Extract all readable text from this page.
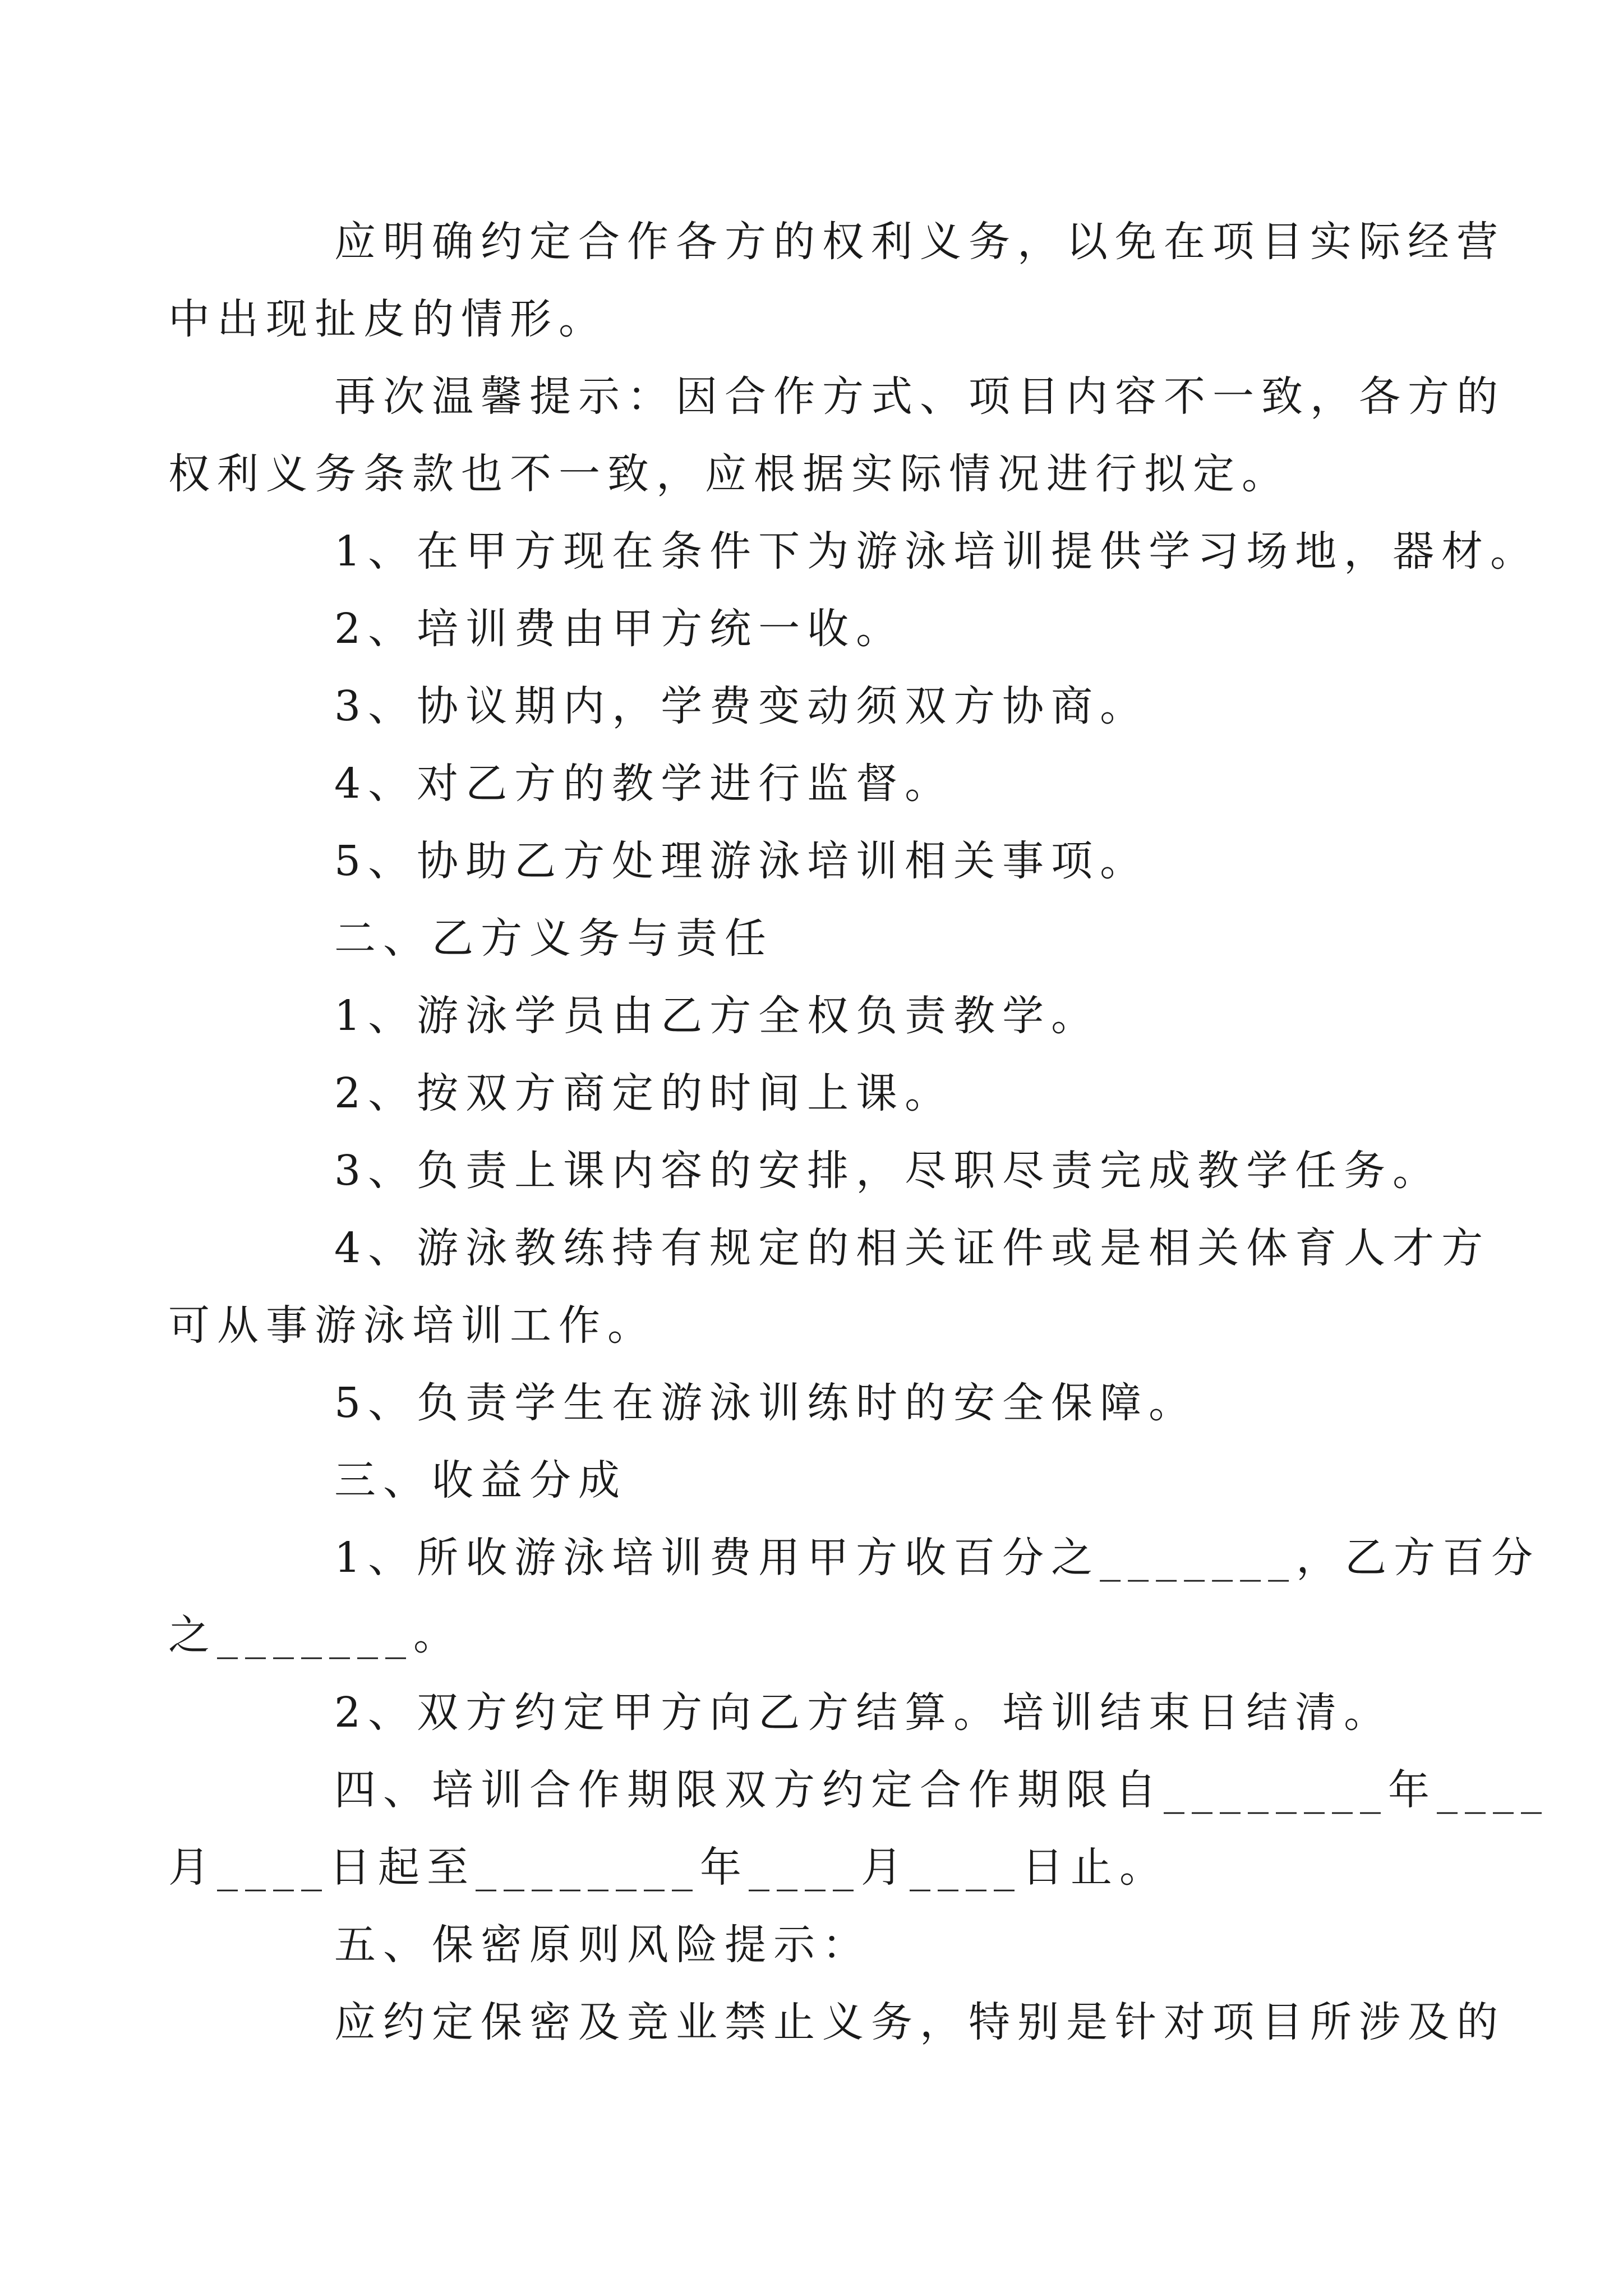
应明确约定合作各方的权利义务，以免在项目实际经营
中出现扯皮的情形。

再次温馨提示：因合作方式、项目内容不一致，各方的
权利义务条款也不一致，应根据实际情况进行拟定。

1、在甲方现在条件下为游泳培训提供学习场地，器材。

2、培训费由甲方统一收。

3、协议期内，学费变动须双方协商。

4、对乙方的教学进行监督。

5、协助乙方处理游泳培训相关事项。

二、乙方义务与责任

1、游泳学员由乙方全权负责教学。

2、按双方商定的时间上课。

3、负责上课内容的安排，尽职尽责完成教学任务。

4、游泳教练持有规定的相关证件或是相关体育人才方
可从事游泳培训工作。

5、负责学生在游泳训练时的安全保障。

三、收益分成

1、所收游泳培训费用甲方收百分之_______，乙方百分
之_______。

2、双方约定甲方向乙方结算。培训结束日结清。

四、培训合作期限双方约定合作期限自________年____
月____日起至________年____月____日止。

五、保密原则风险提示：

应约定保密及竞业禁止义务，特别是针对项目所涉及的
